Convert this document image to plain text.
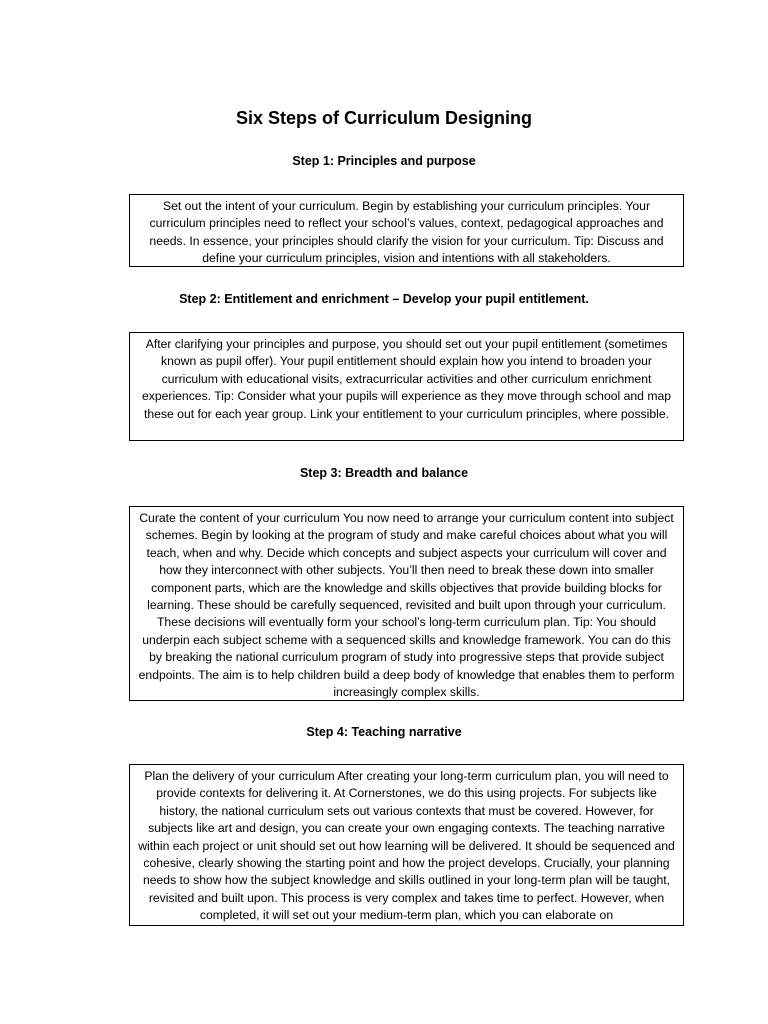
Six Steps of Curriculum Designing
Step 1: Principles and purpose

Set out the intent of your curriculum. Begin by establishing your curriculum principles. Your curriculum principles need to reflect your school’s values, context, pedagogical approaches and needs. In essence, your principles should clarify the vision for your curriculum. Tip: Discuss and define your curriculum principles, vision and intentions with all stakeholders.

Step 2: Entitlement and enrichment – Develop your pupil entitlement.

After clarifying your principles and purpose, you should set out your pupil entitlement (sometimes known as pupil offer). Your pupil entitlement should explain how you intend to broaden your curriculum with educational visits, extracurricular activities and other curriculum enrichment experiences. Tip: Consider what your pupils will experience as they move through school and map these out for each year group. Link your entitlement to your curriculum principles, where possible.

Step 3: Breadth and balance

Curate the content of your curriculum You now need to arrange your curriculum content into subject schemes. Begin by looking at the program of study and make careful choices about what you will teach, when and why. Decide which concepts and subject aspects your curriculum will cover and how they interconnect with other subjects. You’ll then need to break these down into smaller component parts, which are the knowledge and skills objectives that provide building blocks for learning. These should be carefully sequenced, revisited and built upon through your curriculum. These decisions will eventually form your school’s long-term curriculum plan. Tip: You should underpin each subject scheme with a sequenced skills and knowledge framework. You can do this by breaking the national curriculum program of study into progressive steps that provide subject endpoints. The aim is to help children build a deep body of knowledge that enables them to perform increasingly complex skills.

Step 4: Teaching narrative

Plan the delivery of your curriculum After creating your long-term curriculum plan, you will need to provide contexts for delivering it. At Cornerstones, we do this using projects. For subjects like history, the national curriculum sets out various contexts that must be covered. However, for subjects like art and design, you can create your own engaging contexts. The teaching narrative within each project or unit should set out how learning will be delivered. It should be sequenced and cohesive, clearly showing the starting point and how the project develops. Crucially, your planning needs to show how the subject knowledge and skills outlined in your long-term plan will be taught, revisited and built upon. This process is very complex and takes time to perfect. However, when completed, it will set out your medium-term plan, which you can elaborate on
